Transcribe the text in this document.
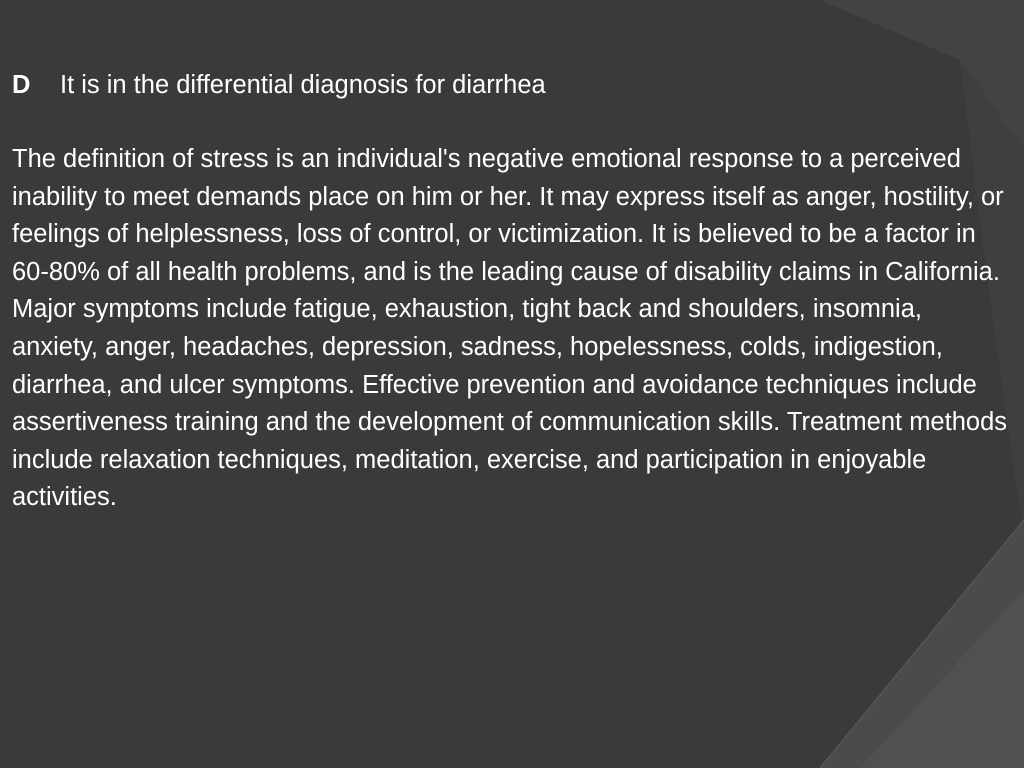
D It is in the differential diagnosis for diarrhea

The definition of stress is an individual's negative emotional response to a perceived inability to meet demands place on him or her. It may express itself as anger, hostility, or feelings of helplessness, loss of control, or victimization. It is believed to be a factor in 60-80% of all health problems, and is the leading cause of disability claims in California. Major symptoms include fatigue, exhaustion, tight back and shoulders, insomnia, anxiety, anger, headaches, depression, sadness, hopelessness, colds, indigestion, diarrhea, and ulcer symptoms. Effective prevention and avoidance techniques include assertiveness training and the development of communication skills. Treatment methods include relaxation techniques, meditation, exercise, and participation in enjoyable activities.
